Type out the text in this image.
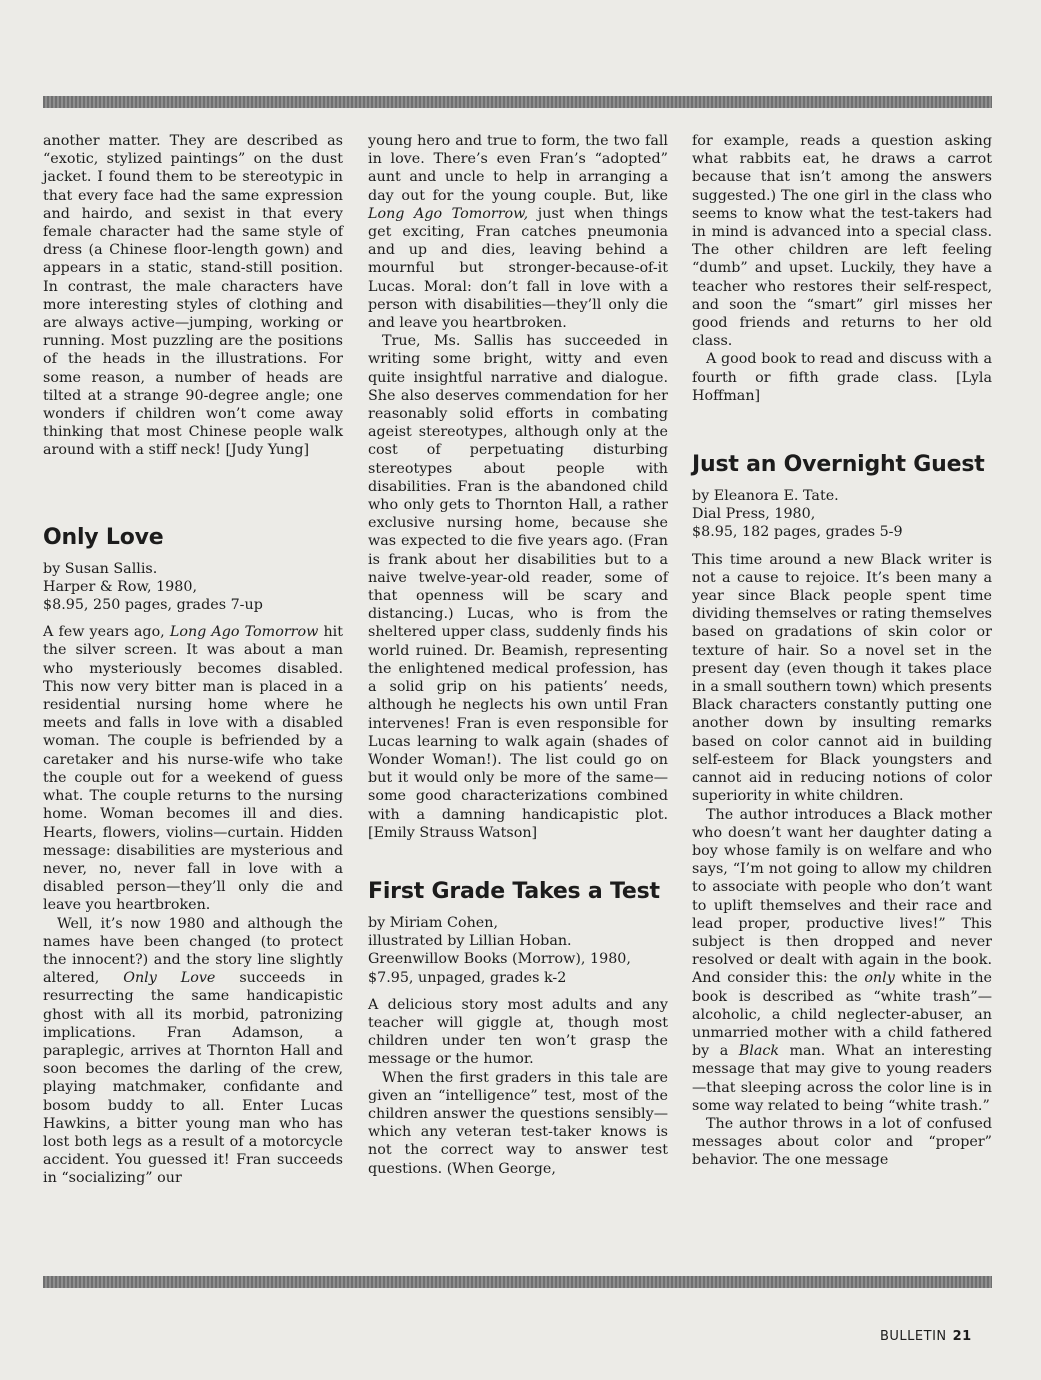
another matter. They are described as “exotic, stylized paintings” on the dust jacket. I found them to be stereotypic in that every face had the same expression and hairdo, and sexist in that every female character had the same style of dress (a Chinese floor-length gown) and appears in a static, stand-still position. In contrast, the male characters have more interesting styles of clothing and are always active—jumping, working or running. Most puzzling are the positions of the heads in the illustrations. For some reason, a number of heads are tilted at a strange 90-degree angle; one wonders if children won’t come away thinking that most Chinese people walk around with a stiff neck! [Judy Yung]

Only Love
by Susan Sallis.
Harper & Row, 1980,
$8.95, 250 pages, grades 7-up

A few years ago, Long Ago Tomorrow hit the silver screen. It was about a man who mysteriously becomes disabled. This now very bitter man is placed in a residential nursing home where he meets and falls in love with a disabled woman. The couple is befriended by a caretaker and his nurse-wife who take the couple out for a weekend of guess what. The couple returns to the nursing home. Woman becomes ill and dies. Hearts, flowers, violins—curtain. Hidden message: disabilities are mysterious and never, no, never fall in love with a disabled person—they’ll only die and leave you heartbroken.

Well, it’s now 1980 and although the names have been changed (to protect the innocent?) and the story line slightly altered, Only Love succeeds in resurrecting the same handicapistic ghost with all its morbid, patronizing implications. Fran Adamson, a paraplegic, arrives at Thornton Hall and soon becomes the darling of the crew, playing matchmaker, confidante and bosom buddy to all. Enter Lucas Hawkins, a bitter young man who has lost both legs as a result of a motorcycle accident. You guessed it! Fran succeeds in “socializing” our

young hero and true to form, the two fall in love. There’s even Fran’s “adopted” aunt and uncle to help in arranging a day out for the young couple. But, like Long Ago Tomorrow, just when things get exciting, Fran catches pneumonia and up and dies, leaving behind a mournful but stronger-because-of-it Lucas. Moral: don’t fall in love with a person with disabilities—they’ll only die and leave you heartbroken.

True, Ms. Sallis has succeeded in writing some bright, witty and even quite insightful narrative and dialogue. She also deserves commendation for her reasonably solid efforts in combating ageist stereotypes, although only at the cost of perpetuating disturbing stereotypes about people with disabilities. Fran is the abandoned child who only gets to Thornton Hall, a rather exclusive nursing home, because she was expected to die five years ago. (Fran is frank about her disabilities but to a naive twelve-year-old reader, some of that openness will be scary and distancing.) Lucas, who is from the sheltered upper class, suddenly finds his world ruined. Dr. Beamish, representing the enlightened medical profession, has a solid grip on his patients’ needs, although he neglects his own until Fran intervenes! Fran is even responsible for Lucas learning to walk again (shades of Wonder Woman!). The list could go on but it would only be more of the same—some good characterizations combined with a damning handicapistic plot. [Emily Strauss Watson]

First Grade Takes a Test
by Miriam Cohen,
illustrated by Lillian Hoban.
Greenwillow Books (Morrow), 1980,
$7.95, unpaged, grades k-2

A delicious story most adults and any teacher will giggle at, though most children under ten won’t grasp the message or the humor.

When the first graders in this tale are given an “intelligence” test, most of the children answer the questions sensibly—which any veteran test-taker knows is not the correct way to answer test questions. (When George,

for example, reads a question asking what rabbits eat, he draws a carrot because that isn’t among the answers suggested.) The one girl in the class who seems to know what the test-takers had in mind is advanced into a special class. The other children are left feeling “dumb” and upset. Luckily, they have a teacher who restores their self-respect, and soon the “smart” girl misses her good friends and returns to her old class.

A good book to read and discuss with a fourth or fifth grade class. [Lyla Hoffman]

Just an Overnight Guest
by Eleanora E. Tate.
Dial Press, 1980,
$8.95, 182 pages, grades 5-9

This time around a new Black writer is not a cause to rejoice. It’s been many a year since Black people spent time dividing themselves or rating themselves based on gradations of skin color or texture of hair. So a novel set in the present day (even though it takes place in a small southern town) which presents Black characters constantly putting one another down by insulting remarks based on color cannot aid in building self-esteem for Black youngsters and cannot aid in reducing notions of color superiority in white children.

The author introduces a Black mother who doesn’t want her daughter dating a boy whose family is on welfare and who says, “I’m not going to allow my children to associate with people who don’t want to uplift themselves and their race and lead proper, productive lives!” This subject is then dropped and never resolved or dealt with again in the book. And consider this: the only white in the book is described as “white trash”—alcoholic, a child neglecter-abuser, an unmarried mother with a child fathered by a Black man. What an interesting message that may give to young readers—that sleeping across the color line is in some way related to being “white trash.”

The author throws in a lot of confused messages about color and “proper” behavior. The one message

BULLETIN 21
